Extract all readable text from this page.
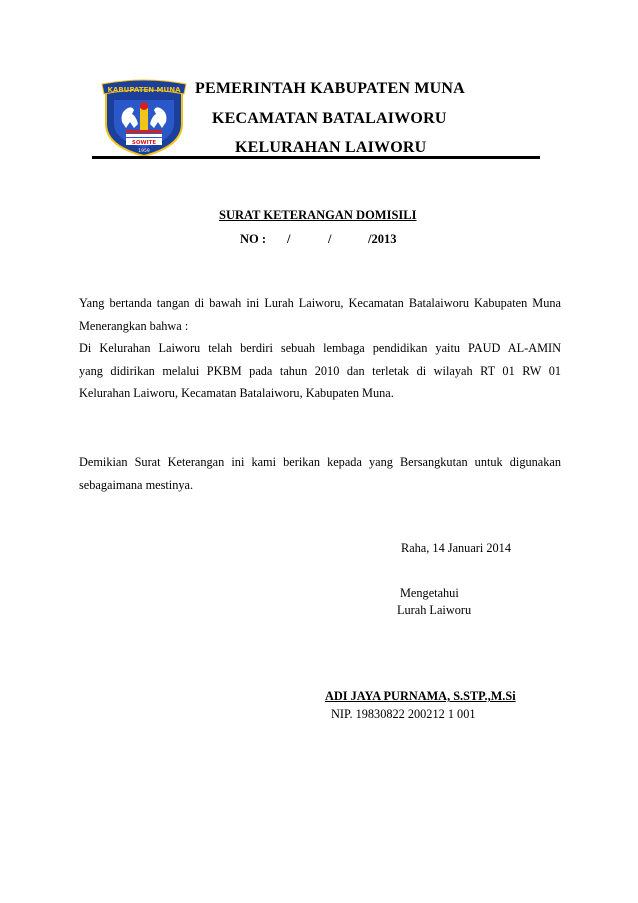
KABUPATEN MUNA
SOWITE
1959
PEMERINTAH KABUPATEN MUNA
KECAMATAN BATALAIWORU
KELURAHAN LAIWORU
SURAT KETERANGAN DOMISILI
NO : /	/	/2013
Yang bertanda tangan di bawah ini Lurah Laiworu, Kecamatan Batalaiworu Kabupaten Muna
Menerangkan bahwa :
Di Kelurahan Laiworu telah berdiri sebuah lembaga pendidikan yaitu PAUD AL-AMIN
yang didirikan melalui PKBM pada tahun 2010 dan terletak di wilayah RT 01 RW 01
Kelurahan Laiworu, Kecamatan Batalaiworu, Kabupaten Muna.
Demikian Surat Keterangan ini kami berikan kepada yang Bersangkutan untuk digunakan
sebagaimana mestinya.
Raha, 14 Januari 2014
Mengetahui
Lurah Laiworu
ADI JAYA PURNAMA, S.STP.,M.Si
NIP. 19830822 200212 1 001
